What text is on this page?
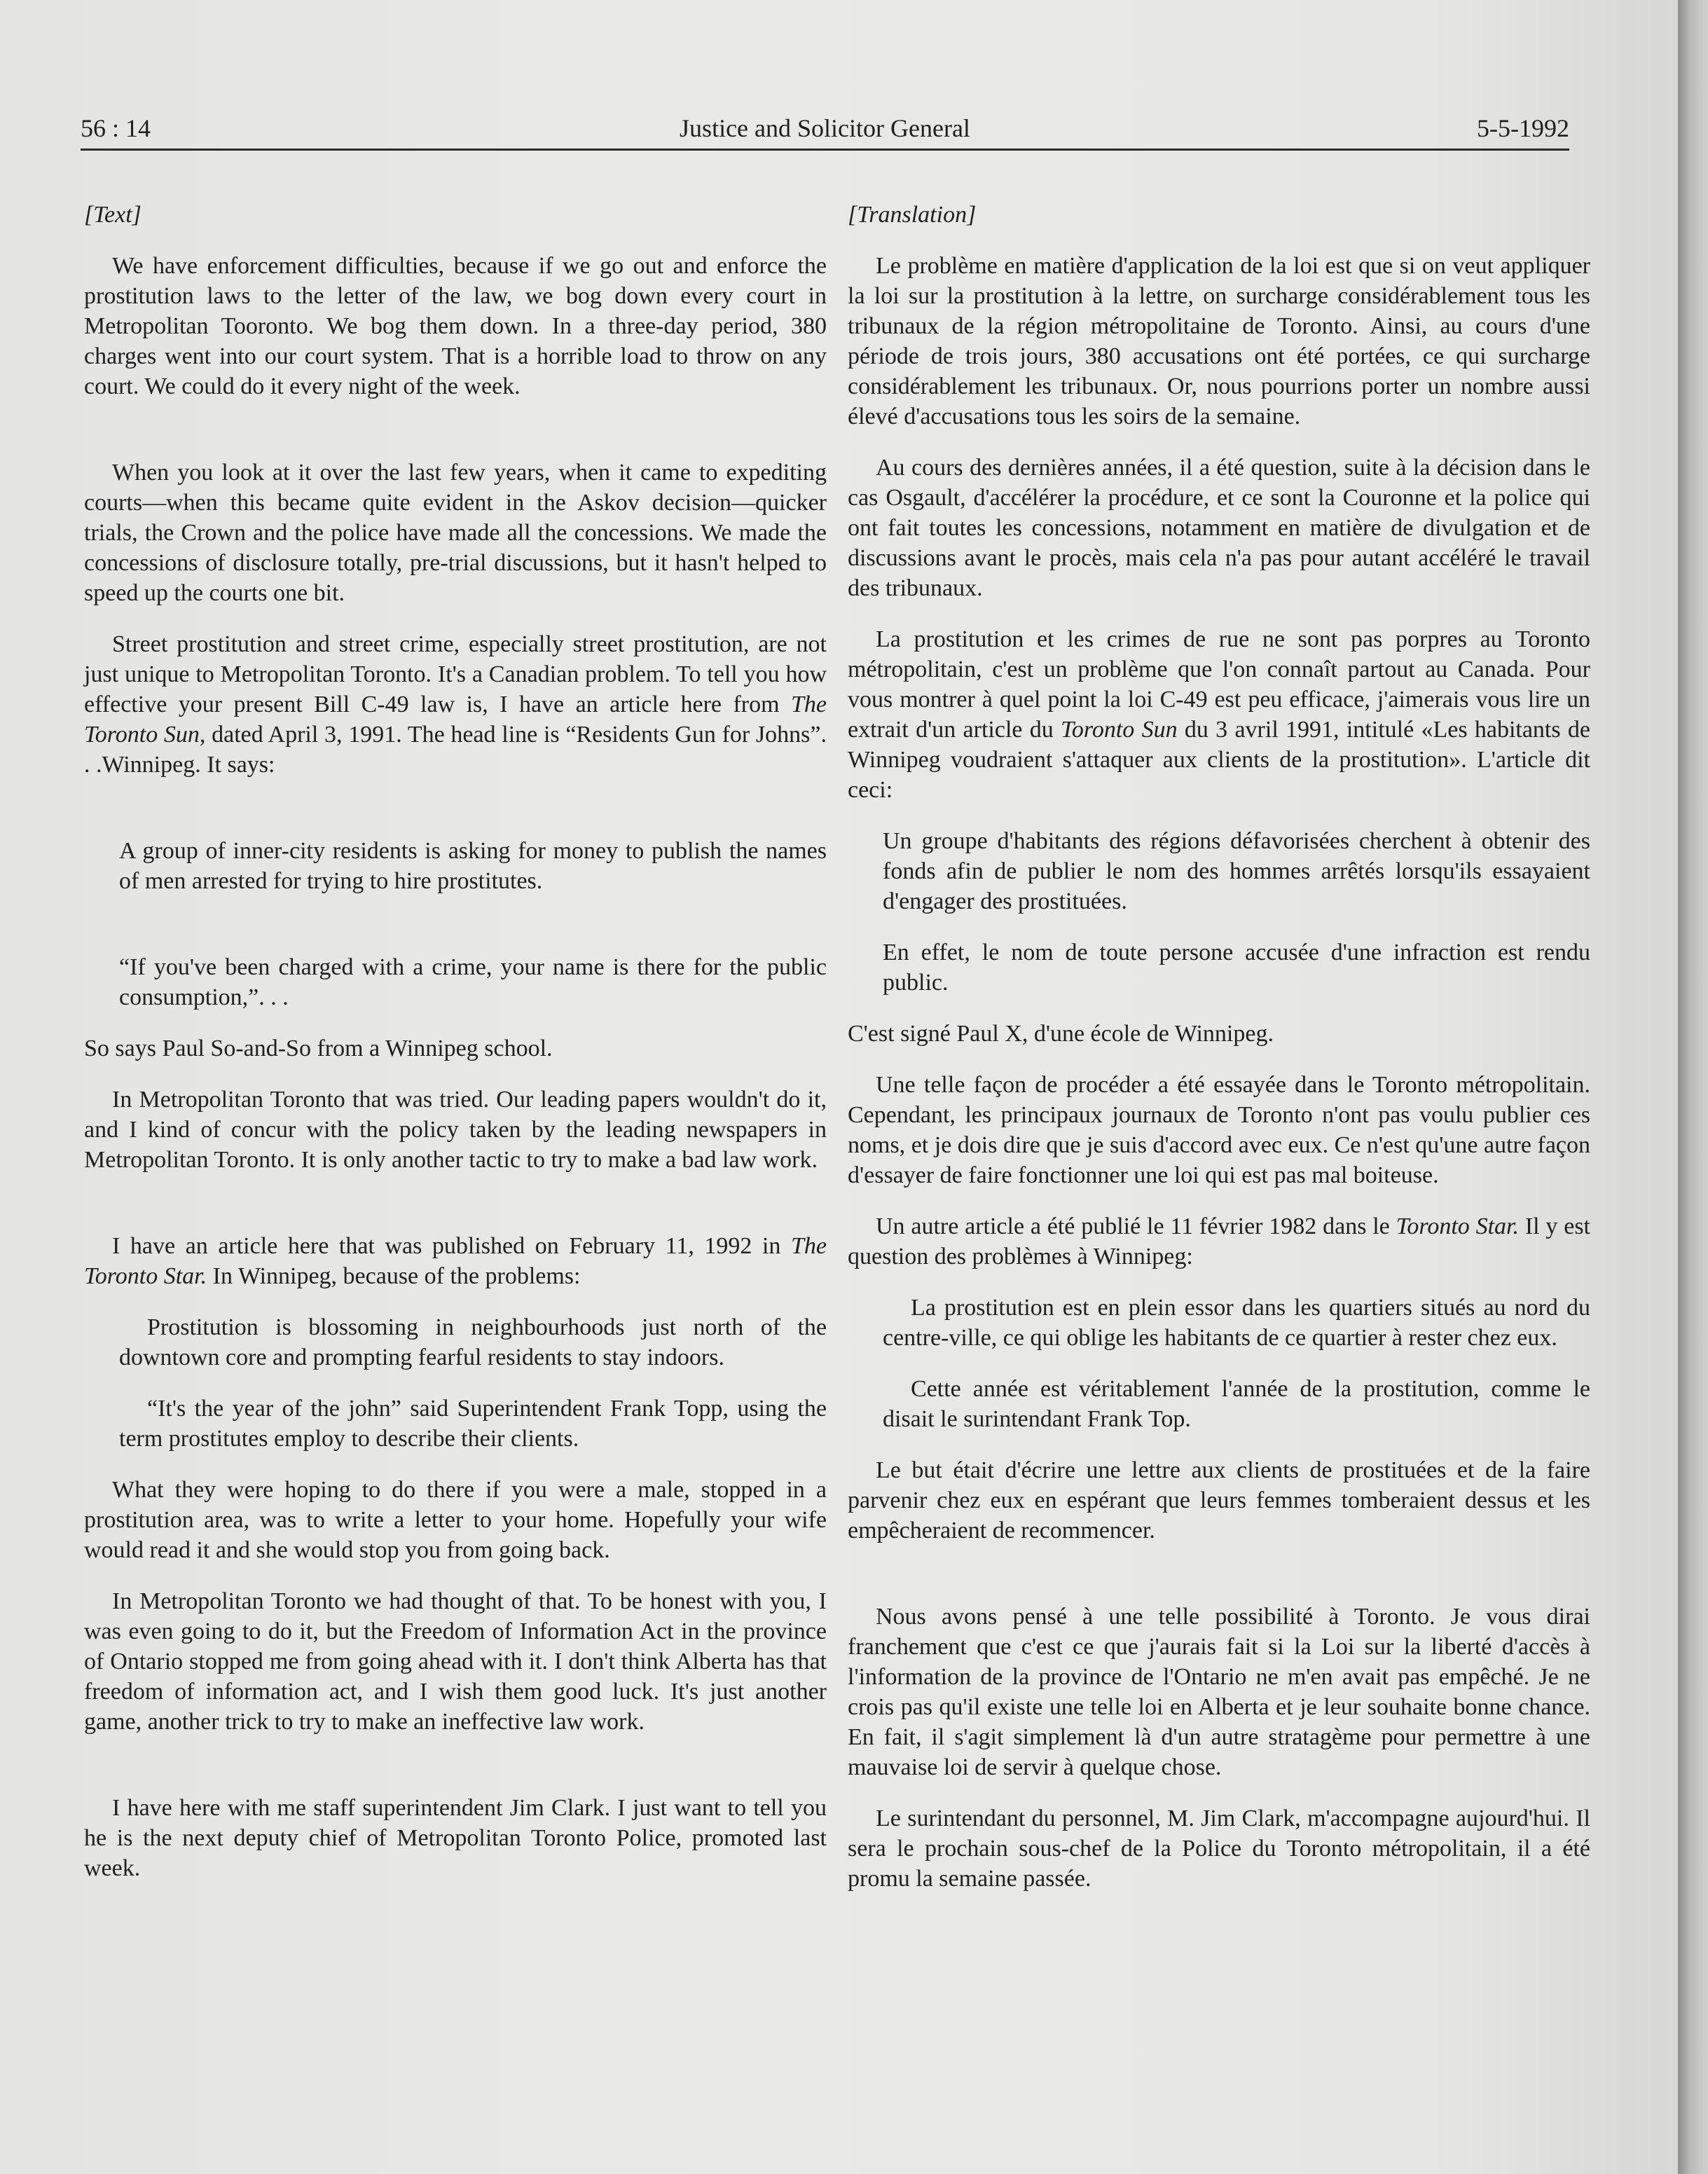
Justice and Solicitor General
56 : 14	5-5-1992

[Text]

We have enforcement difficulties, because if we go out and enforce the prostitution laws to the letter of the law, we bog down every court in Metropolitan Tooronto. We bog them down. In a three-day period, 380 charges went into our court system. That is a horrible load to throw on any court. We could do it every night of the week.

When you look at it over the last few years, when it came to expediting courts—when this became quite evident in the Askov decision—quicker trials, the Crown and the police have made all the concessions. We made the concessions of disclosure totally, pre-trial discussions, but it hasn't helped to speed up the courts one bit.

Street prostitution and street crime, especially street prostitution, are not just unique to Metropolitan Toronto. It's a Canadian problem. To tell you how effective your present Bill C-49 law is, I have an article here from The Toronto Sun, dated April 3, 1991. The head line is “Residents Gun for Johns”. . .Winnipeg. It says:

A group of inner-city residents is asking for money to publish the names of men arrested for trying to hire prostitutes.

“If you've been charged with a crime, your name is there for the public consumption,”. . .

So says Paul So-and-So from a Winnipeg school.

In Metropolitan Toronto that was tried. Our leading papers wouldn't do it, and I kind of concur with the policy taken by the leading newspapers in Metropolitan Toronto. It is only another tactic to try to make a bad law work.

I have an article here that was published on February 11, 1992 in The Toronto Star. In Winnipeg, because of the problems:

Prostitution is blossoming in neighbourhoods just north of the downtown core and prompting fearful residents to stay indoors.

“It's the year of the john” said Superintendent Frank Topp, using the term prostitutes employ to describe their clients.

What they were hoping to do there if you were a male, stopped in a prostitution area, was to write a letter to your home. Hopefully your wife would read it and she would stop you from going back.

In Metropolitan Toronto we had thought of that. To be honest with you, I was even going to do it, but the Freedom of Information Act in the province of Ontario stopped me from going ahead with it. I don't think Alberta has that freedom of information act, and I wish them good luck. It's just another game, another trick to try to make an ineffective law work.

I have here with me staff superintendent Jim Clark. I just want to tell you he is the next deputy chief of Metropolitan Toronto Police, promoted last week.

[Translation]

Le problème en matière d'application de la loi est que si on veut appliquer la loi sur la prostitution à la lettre, on surcharge considérablement tous les tribunaux de la région métropolitaine de Toronto. Ainsi, au cours d'une période de trois jours, 380 accusations ont été portées, ce qui surcharge considérablement les tribunaux. Or, nous pourrions porter un nombre aussi élevé d'accusations tous les soirs de la semaine.

Au cours des dernières années, il a été question, suite à la décision dans le cas Osgault, d'accélérer la procédure, et ce sont la Couronne et la police qui ont fait toutes les concessions, notamment en matière de divulgation et de discussions avant le procès, mais cela n'a pas pour autant accéléré le travail des tribunaux.

La prostitution et les crimes de rue ne sont pas porpres au Toronto métropolitain, c'est un problème que l'on connaît partout au Canada. Pour vous montrer à quel point la loi C-49 est peu efficace, j'aimerais vous lire un extrait d'un article du Toronto Sun du 3 avril 1991, intitulé «Les habitants de Winnipeg voudraient s'attaquer aux clients de la prostitution». L'article dit ceci:

Un groupe d'habitants des régions défavorisées cherchent à obtenir des fonds afin de publier le nom des hommes arrêtés lorsqu'ils essayaient d'engager des prostituées.

En effet, le nom de toute persone accusée d'une infraction est rendu public.

C'est signé Paul X, d'une école de Winnipeg.

Une telle façon de procéder a été essayée dans le Toronto métropolitain. Cependant, les principaux journaux de Toronto n'ont pas voulu publier ces noms, et je dois dire que je suis d'accord avec eux. Ce n'est qu'une autre façon d'essayer de faire fonctionner une loi qui est pas mal boiteuse.

Un autre article a été publié le 11 février 1982 dans le Toronto Star. Il y est question des problèmes à Winnipeg:

La prostitution est en plein essor dans les quartiers situés au nord du centre-ville, ce qui oblige les habitants de ce quartier à rester chez eux.

Cette année est véritablement l'année de la prostitution, comme le disait le surintendant Frank Top.

Le but était d'écrire une lettre aux clients de prostituées et de la faire parvenir chez eux en espérant que leurs femmes tomberaient dessus et les empêcheraient de recommencer.

Nous avons pensé à une telle possibilité à Toronto. Je vous dirai franchement que c'est ce que j'aurais fait si la Loi sur la liberté d'accès à l'information de la province de l'Ontario ne m'en avait pas empêché. Je ne crois pas qu'il existe une telle loi en Alberta et je leur souhaite bonne chance. En fait, il s'agit simplement là d'un autre stratagème pour permettre à une mauvaise loi de servir à quelque chose.

Le surintendant du personnel, M. Jim Clark, m'accompagne aujourd'hui. Il sera le prochain sous-chef de la Police du Toronto métropolitain, il a été promu la semaine passée.
